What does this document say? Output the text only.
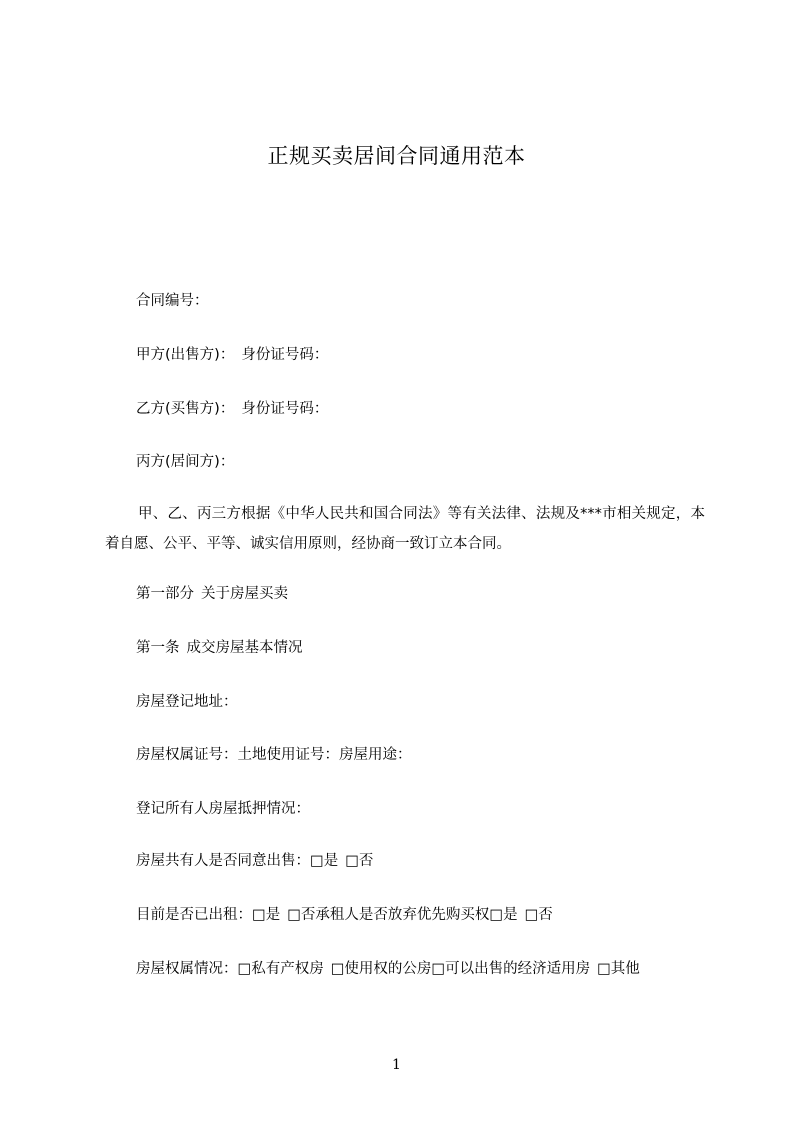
正规买卖居间合同通用范本
合同编号：
甲方(出售方)： 身份证号码：
乙方(买售方)： 身份证号码：
丙方(居间方)：
甲、乙、丙三方根据《中华人民共和国合同法》等有关法律、法规及***市相关规定，本着自愿、公平、平等、诚实信用原则，经协商一致订立本合同。
第一部分 关于房屋买卖
第一条 成交房屋基本情况
房屋登记地址：
房屋权属证号：土地使用证号：房屋用途：
登记所有人房屋抵押情况：
房屋共有人是否同意出售：□是 □否
目前是否已出租：□是 □否承租人是否放弃优先购买权□是 □否
房屋权属情况：□私有产权房 □使用权的公房□可以出售的经济适用房 □其他
1
